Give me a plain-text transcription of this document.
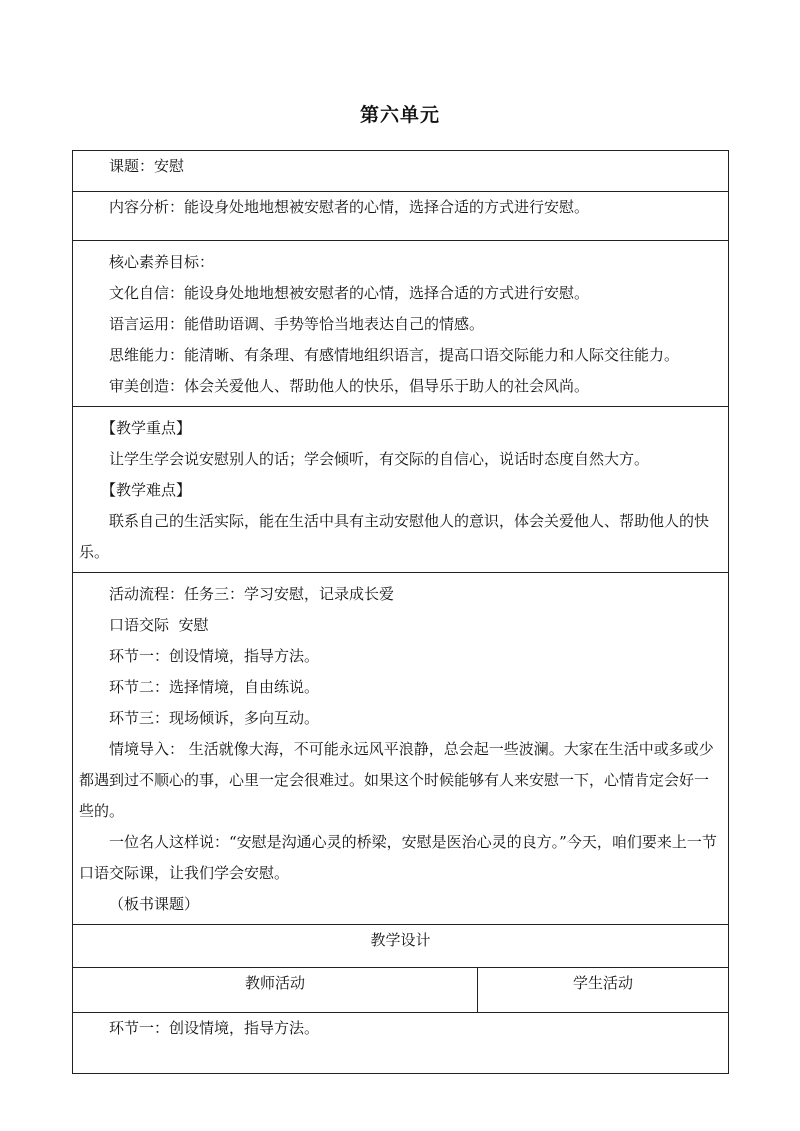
第六单元

课题：安慰

内容分析：能设身处地地想被安慰者的心情，选择合适的方式进行安慰。

核心素养目标：

文化自信：能设身处地地想被安慰者的心情，选择合适的方式进行安慰。

语言运用：能借助语调、手势等恰当地表达自己的情感。

思维能力：能清晰、有条理、有感情地组织语言，提高口语交际能力和人际交往能力。

审美创造：体会关爱他人、帮助他人的快乐，倡导乐于助人的社会风尚。

【教学重点】

让学生学会说安慰别人的话；学会倾听，有交际的自信心，说话时态度自然大方。

【教学难点】

联系自己的生活实际，能在生活中具有主动安慰他人的意识，体会关爱他人、帮助他人的快乐。

活动流程：任务三：学习安慰，记录成长爱

口语交际  安慰

环节一：创设情境，指导方法。

环节二：选择情境，自由练说。

环节三：现场倾诉，多向互动。

情境导入： 生活就像大海，不可能永远风平浪静，总会起一些波澜。大家在生活中或多或少都遇到过不顺心的事，心里一定会很难过。如果这个时候能够有人来安慰一下，心情肯定会好一些的。

一位名人这样说：“安慰是沟通心灵的桥梁，安慰是医治心灵的良方。”今天，咱们要来上一节口语交际课，让我们学会安慰。

（板书课题）

教学设计
教师活动	学生活动

环节一：创设情境，指导方法。
